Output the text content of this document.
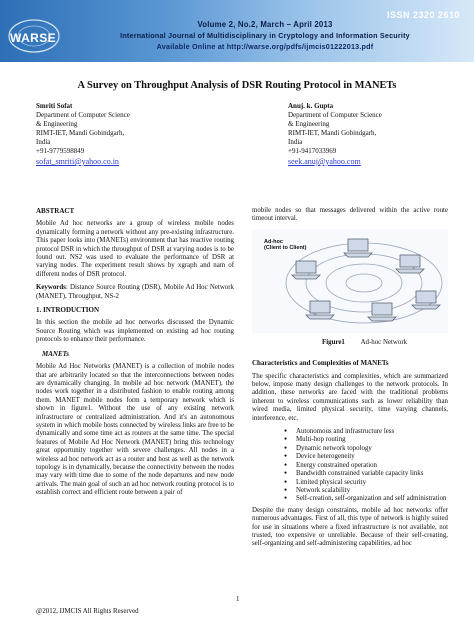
ISSN 2320 2610
WARSE
Volume 2, No.2, March – April 2013
International Journal of Multidisciplinary in Cryptology and Information Security
Available Online at http://warse.org/pdfs/ijmcis01222013.pdf
A Survey on Throughput Analysis of DSR Routing Protocol in MANETs
Smriti Sofat
Department of Computer Science
& Engineering
RIMT-IET, Mandi Gobindgarh,
India
+91-9779598849
sofat_smriti@yahoo.co.in
Anuj. k. Gupta
Department of Computer Science
& Engineering
RIMT-IET, Mandi Gobindgarh,
India
+91-9417033969
seek.anuj@yahoo.com

ABSTRACT

Mobile Ad hoc networks are a group of wireless mobile nodes dynamically forming a network without any pre-existing infrastructure. This paper looks into (MANETs) environment that has reactive routing protocol DSR in which the throughput of DSR at varying nodes is to be found out. NS2 was used to evaluate the performance of DSR at varying nodes. The experiment result shows by xgraph and nam of different nodes of DSR protocol.

Keywords: Distance Source Routing (DSR), Mobile Ad Hoc Network (MANET), Throughput, NS-2

1. INTRODUCTION

In this section the mobile ad hoc networks discussed the Dynamic Source Routing which was implemented on existing ad hoc routing protocols to enhance their performance.

MANETs

Mobile Ad Hoc Networks (MANET) is a collection of mobile nodes that are arbitrarily located so that the interconnections between nodes are dynamically changing. In mobile ad hoc network (MANET), the nodes work together in a distributed fashion to enable routing among them. MANET mobile nodes form a temporary network which is shown in figure1. Without the use of any existing network infrastructure or centralized administration. And it's an autonomous system in which mobile hosts connected by wireless links are free to be dynamically and some time act as routers at the same time. The special features of Mobile Ad Hoc Network (MANET) bring this technology great opportunity together with severe challenges. All nodes in a wireless ad hoc network act as a router and host as well as the network topology is in dynamically, because the connectivity between the nodes may vary with time due to some of the node departures and new node arrivals. The main goal of such an ad hoc network routing protocol is to establish correct and efficient route between a pair of

mobile nodes so that messages delivered within the active route timeout interval.

Ad-hoc
(Client to Client)

Figure1 Ad-hoc Network

Characteristics and Complexities of MANETs

The specific characteristics and complexities, which are summarized below, impose many design challenges to the network protocols. In addition, these networks are faced with the traditional problems inherent to wireless communications such as lower reliability than wired media, limited physical security, time varying channels, interference, etc.

● Autonomous and infrastructure less
● Multi-hop routing
● Dynamic network topology
● Device heterogeneity
● Energy constrained operation
● Bandwidth constrained variable capacity links
● Limited physical security
● Network scalability
● Self-creation, self-organization and self administration

Despite the many design constraints, mobile ad hoc networks offer numerous advantages. First of all, this type of network is highly suited for use in situations where a fixed infrastructure is not available, not trusted, too expensive or unreliable. Because of their self-creating, self-organizing and self-administering capabilities, ad hoc

1
@2012, IJMCIS All Rights Reserved
